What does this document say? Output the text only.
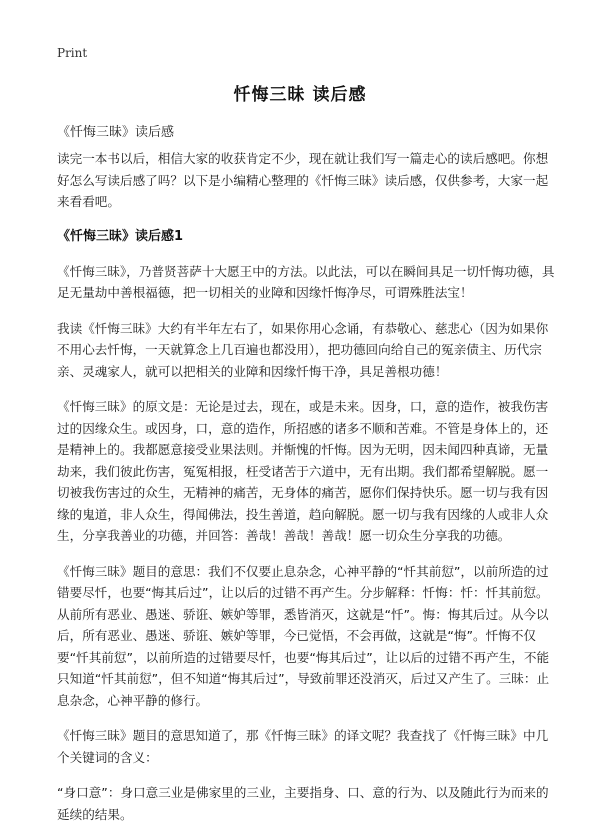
Print
忏悔三昧 读后感
《忏悔三昧》读后感

读完一本书以后，相信大家的收获肯定不少，现在就让我们写一篇走心的读后感吧。你想好怎么写读后感了吗？以下是小编精心整理的《忏悔三昧》读后感，仅供参考，大家一起来看看吧。

《忏悔三昧》读后感1

《忏悔三昧》，乃普贤菩萨十大愿王中的方法。以此法，可以在瞬间具足一切忏悔功德，具足无量劫中善根福德，把一切相关的业障和因缘忏悔净尽，可谓殊胜法宝！

我读《忏悔三昧》大约有半年左右了，如果你用心念诵，有恭敬心、慈悲心（因为如果你不用心去忏悔，一天就算念上几百遍也都没用），把功德回向给自己的冤亲债主、历代宗亲、灵魂家人，就可以把相关的业障和因缘忏悔干净，具足善根功德！

《忏悔三昧》的原文是：无论是过去，现在，或是未来。因身，口，意的造作，被我伤害过的因缘众生。或因身，口，意的造作，所招感的诸多不顺和苦难。不管是身体上的，还是精神上的。我都愿意接受业果法则。并惭愧的忏悔。因为无明，因未闻四种真谛，无量劫来，我们彼此伤害，冤冤相报，枉受诸苦于六道中，无有出期。我们都希望解脱。愿一切被我伤害过的众生，无精神的痛苦，无身体的痛苦，愿你们保持快乐。愿一切与我有因缘的鬼道，非人众生，得闻佛法，投生善道，趋向解脱。愿一切与我有因缘的人或非人众生，分享我善业的功德，并回答：善哉！善哉！善哉！愿一切众生分享我的功德。

《忏悔三昧》题目的意思：我们不仅要止息杂念，心神平静的“忏其前愆”，以前所造的过错要尽忏，也要“悔其后过”，让以后的过错不再产生。分步解释：忏悔：忏：忏其前愆。从前所有恶业、愚迷、骄诳、嫉妒等罪，悉皆消灭，这就是“忏”。悔：悔其后过。从今以后，所有恶业、愚迷、骄诳、嫉妒等罪，今已觉悟，不会再做，这就是“悔”。忏悔不仅要“忏其前愆”，以前所造的过错要尽忏，也要“悔其后过”，让以后的过错不再产生，不能只知道“忏其前愆”，但不知道“悔其后过”，导致前罪还没消灭，后过又产生了。三昧：止息杂念，心神平静的修行。

《忏悔三昧》题目的意思知道了，那《忏悔三昧》的译文呢？我查找了《忏悔三昧》中几个关键词的含义：

“身口意”：身口意三业是佛家里的三业，主要指身、口、意的行为、以及随此行为而来的延续的结果。
